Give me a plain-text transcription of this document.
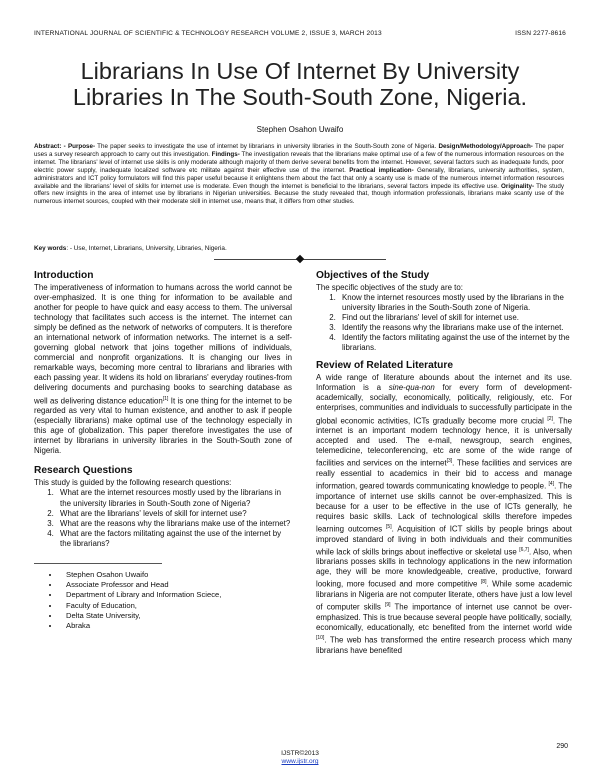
INTERNATIONAL JOURNAL OF SCIENTIFIC & TECHNOLOGY RESEARCH VOLUME 2, ISSUE 3, MARCH 2013	ISSN 2277-8616
Librarians In Use Of Internet By University
Libraries In The South-South Zone, Nigeria.
Stephen Osahon Uwaifo
Abstract: - Purpose- The paper seeks to investigate the use of internet by librarians in university libraries in the South-South zone of Nigeria. Design/Methodology/Approach- The paper uses a survey research approach to carry out this investigation. Findings- The investigation reveals that the librarians make optimal use of a few of the numerous information resources on the internet. The librarians' level of internet use skills is only moderate although majority of them derive several benefits from the internet. However, several factors such as inadequate funds, poor electric power supply, inadequate localized software etc militate against their effective use of the internet. Practical implication- Generally, librarians, university authorities, system, administrators and ICT policy formulators will find this paper useful because it enlightens them about the fact that only a scanty use is made of the numerous internet information resources available and the librarians' level of skills for internet use is moderate. Even though the internet is beneficial to the librarians, several factors impede its effective use. Originality- The study offers new insights in the area of internet use by librarians in Nigerian universities. Because the study revealed that, though information professionals, librarians make scanty use of the numerous internet sources, coupled with their moderate skill in internet use, means that, it differs from other studies.
Key words: - Use, Internet, Librarians, University, Libraries, Nigeria.
Introduction

The imperativeness of information to humans across the world cannot be over-emphasized. It is one thing for information to be available and another for people to have quick and easy access to them. The universal technology that facilitates such access is the internet. The internet can simply be defined as the network of networks of computers. It is therefore an international network of information networks. The internet is a self-governing global network that joins together millions of individuals, commercial and nonprofit organizations. It is changing our lives in remarkable ways, becoming more central to librarians and libraries with each passing year. It widens its hold on librarians' everyday routines-from delivering documents and purchasing books to searching database as well as delivering distance education[1] It is one thing for the internet to be regarded as very vital to human existence, and another to ask if people (especially librarians) make optimal use of the technology especially in this age of globalization. This paper therefore investigates the use of internet by librarians in university libraries in the South-South zone of Nigeria.

Research Questions

This study is guided by the following research questions:

1. What are the internet resources mostly used by the librarians in the university libraries in South-South zone of Nigeria?
2. What are the librarians' levels of skill for internet use?
3. What are the reasons why the librarians make use of the internet?
4. What are the factors militating against the use of the internet by the librarians?
• Stephen Osahon Uwaifo
• Associate Professor and Head
• Department of Library and Information Sciece,
• Faculty of Education,
• Delta State University,
• Abraka
Objectives of the Study

The specific objectives of the study are to:

1. Know the internet resources mostly used by the librarians in the university libraries in the South-South zone of Nigeria.
2. Find out the librarians' level of skill for internet use.
3. Identify the reasons why the librarians make use of the internet.
4. Identify the factors militating against the use of the internet by the librarians.
Review of Related Literature

A wide range of literature abounds about the internet and its use. Information is a sine-qua-non for every form of development-academically, socially, economically, politically, religiously, etc. For enterprises, communities and individuals to successfully participate in the global economic activities, ICTs gradually become more crucial [2]. The internet is an important modern technology hence, it is universally accepted and used. The e-mail, newsgroup, search engines, telemedicine, teleconferencing, etc are some of the wide range of facilities and services on the internet[3]. These facilities and services are really essential to academics in their bid to access and manage information, geared towards communicating knowledge to people. [4]. The importance of internet use skills cannot be over-emphasized. This is because for a user to be effective in the use of ICTs generally, he requires basic skills. Lack of technological skills therefore impedes learning outcomes [5]. Acquisition of ICT skills by people brings about improved standard of living in both individuals and their communities while lack of skills brings about ineffective or skeletal use [6,7]. Also, when librarians posses skills in technology applications in the new information age, they will be more knowledgeable, creative, productive, forward looking, more focused and more competitive [8]. While some academic librarians in Nigeria are not computer literate, others have just a low level of computer skills [9] The importance of internet use cannot be over-emphasized. This is true because several people have politically, socially, economically, educationally, etc benefited from the internet world wide [10]. The web has transformed the entire research process which many librarians have benefited

290
IJSTR©2013
www.ijstr.org
